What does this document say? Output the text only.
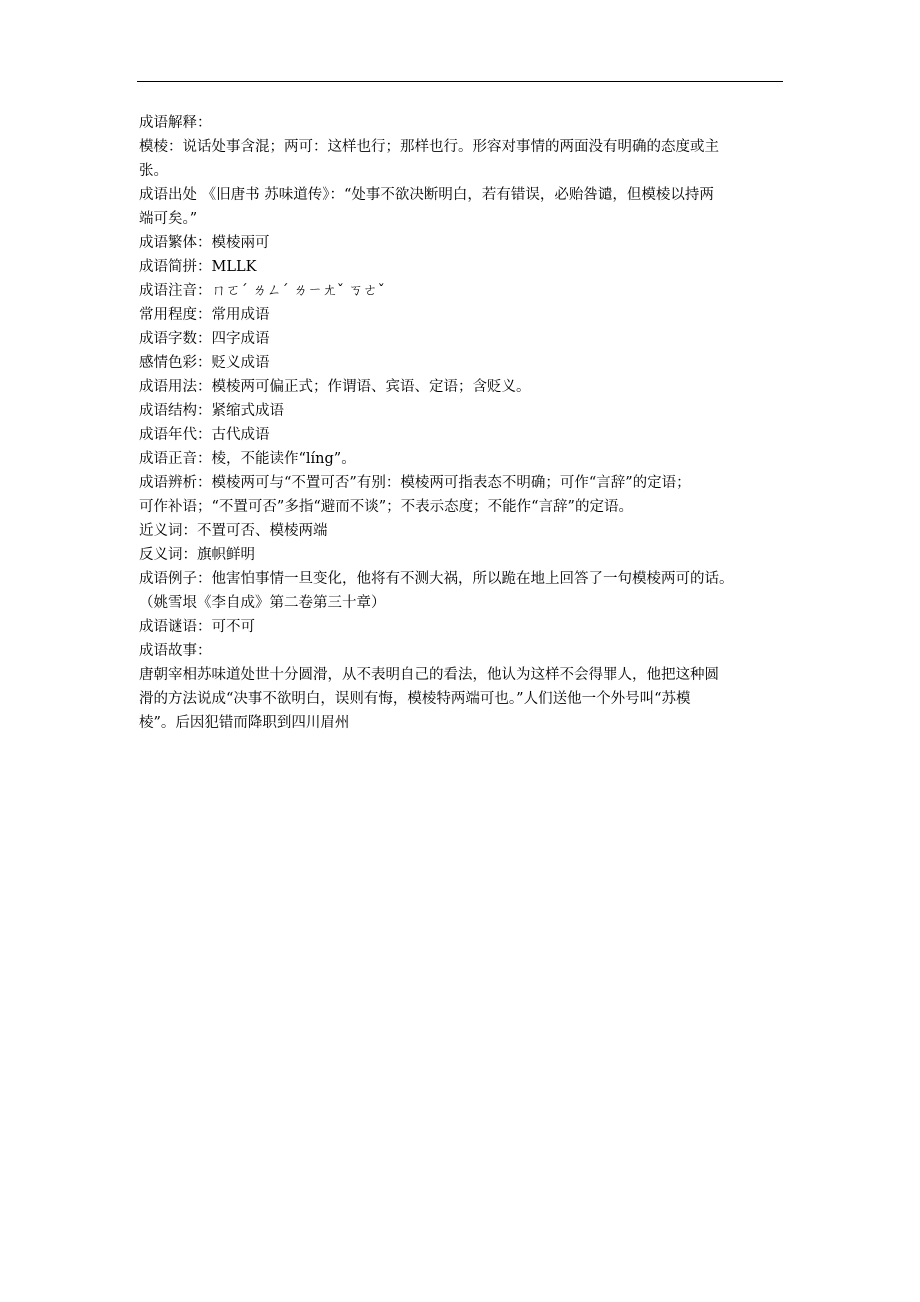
成语解释：
模棱：说话处事含混；两可：这样也行；那样也行。形容对事情的两面没有明确的态度或主
张。
成语出处 《旧唐书 苏味道传》：“处事不欲决断明白，若有错误，必贻咎谴，但模棱以持两
端可矣。”
成语繁体：模棱兩可
成语简拼：MLLK
成语注音：ㄇㄛˊ ㄌㄥˊ ㄌㄧㄤˇ ㄎㄜˇ
常用程度：常用成语
成语字数：四字成语
感情色彩：贬义成语
成语用法：模棱两可偏正式；作谓语、宾语、定语；含贬义。
成语结构：紧缩式成语
成语年代：古代成语
成语正音：棱，不能读作“líng”。
成语辨析：模棱两可与“不置可否”有别：模棱两可指表态不明确；可作“言辞”的定语；
可作补语；“不置可否”多指“避而不谈”；不表示态度；不能作“言辞”的定语。
近义词：不置可否、模棱两端
反义词：旗帜鲜明
成语例子：他害怕事情一旦变化，他将有不测大祸，所以跪在地上回答了一句模棱两可的话。
（姚雪垠《李自成》第二卷第三十章）
成语谜语：可不可
成语故事：
唐朝宰相苏味道处世十分圆滑，从不表明自己的看法，他认为这样不会得罪人，他把这种圆
滑的方法说成“决事不欲明白，误则有悔，模棱特两端可也。”人们送他一个外号叫“苏模
棱”。后因犯错而降职到四川眉州
